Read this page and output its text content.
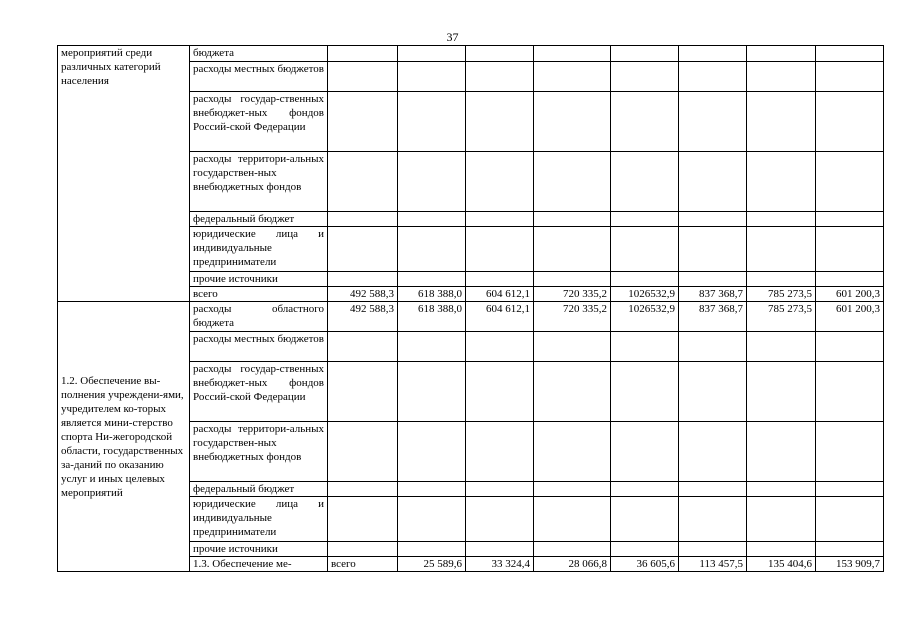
37
мероприятий среди различных категорий населения	бюджета									
	расходы местных бюджетов									
	расходы государ-ственных внебюджет-ных фондов Россий-ской Федерации									
	расходы территори-альных государствен-ных внебюджетных фондов									
	федеральный бюджет									
	юридические лица и индивидуальные предприниматели									
	прочие источники									
	всего	492 588,3	618 388,0	604 612,1	720 335,2	1026532,9	837 368,7	785 273,5	601 200,3	
1.2. Обеспечение вы-полнения учреждени-ями, учредителем ко-торых является мини-стерство спорта Ни-жегородской области, государственных за-даний по оказанию услуг и иных целевых мероприятий	расходы областного бюджета	492 588,3	618 388,0	604 612,1	720 335,2	1026532,9	837 368,7	785 273,5	601 200,3	
	расходы местных бюджетов									
	расходы государ-ственных внебюджет-ных фондов Россий-ской Федерации									
	расходы территори-альных государствен-ных внебюджетных фондов									
	федеральный бюджет									
	юридические лица и индивидуальные предприниматели									
	прочие источники									
	1.3. Обеспечение ме-	всего	25 589,6	33 324,4	28 066,8	36 605,6	113 457,5	135 404,6	153 909,7	
